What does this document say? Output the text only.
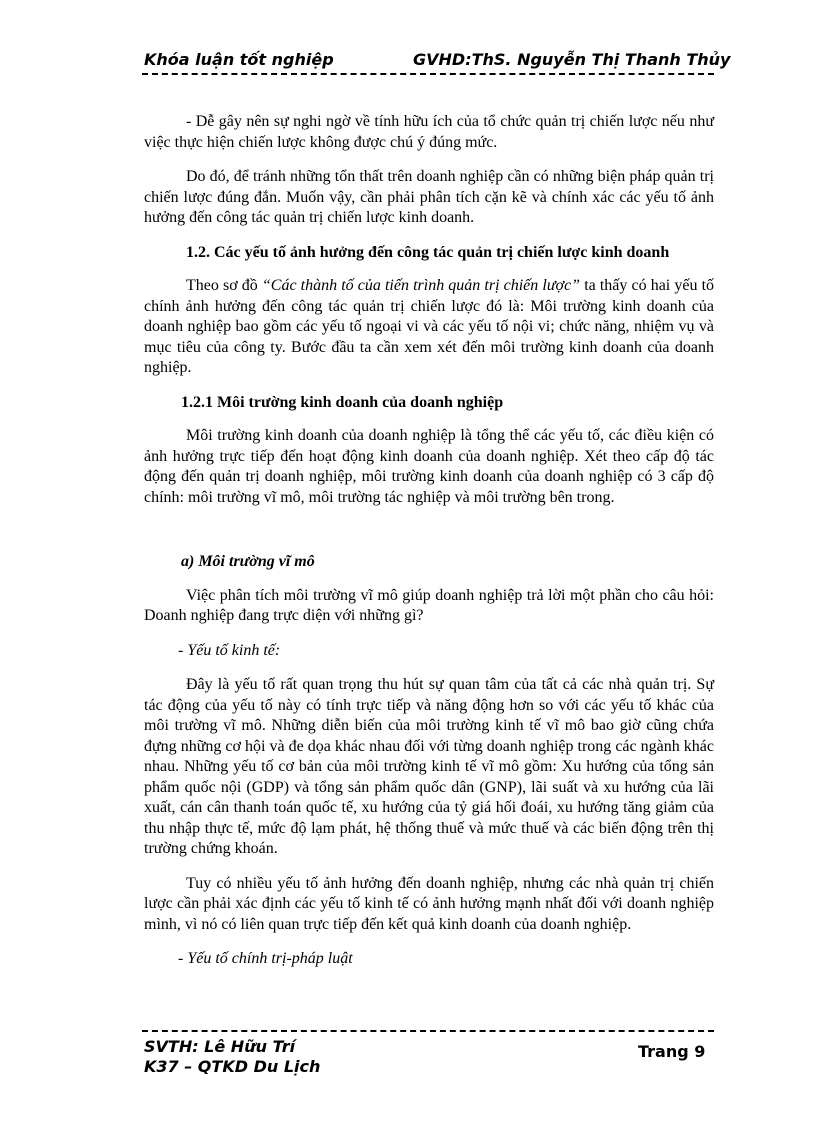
Khóa luận tốt nghiệp	GVHD:ThS. Nguyễn Thị Thanh Thủy

- Dễ gây nên sự nghi ngờ về tính hữu ích của tổ chức quản trị chiến lược nếu như việc thực hiện chiến lược không được chú ý đúng mức.

Do đó, để tránh những tổn thất trên doanh nghiệp cần có những biện pháp quản trị chiến lược đúng đắn. Muốn vậy, cần phải phân tích cặn kẽ và chính xác các yếu tố ảnh hưởng đến công tác quản trị chiến lược kinh doanh.

1.2. Các yếu tố ảnh hưởng đến công tác quản trị chiến lược kinh doanh

Theo sơ đồ “Các thành tố của tiến trình quản trị chiến lược” ta thấy có hai yếu tố chính ảnh hưởng đến công tác quản trị chiến lược đó là: Môi trường kinh doanh của doanh nghiệp bao gồm các yếu tố ngoại vi và các yếu tố nội vi; chức năng, nhiệm vụ và mục tiêu của công ty. Bước đầu ta cần xem xét đến môi trường kinh doanh của doanh nghiệp.

1.2.1 Môi trường kinh doanh của doanh nghiệp

Môi trường kinh doanh của doanh nghiệp là tổng thể các yếu tố, các điều kiện có ảnh hưởng trực tiếp đến hoạt động kinh doanh của doanh nghiệp. Xét theo cấp độ tác động đến quản trị doanh nghiệp, môi trường kinh doanh của doanh nghiệp có 3 cấp độ chính: môi trường vĩ mô, môi trường tác nghiệp và môi trường bên trong.

a) Môi trường vĩ mô

Việc phân tích môi trường vĩ mô giúp doanh nghiệp trả lời một phần cho câu hỏi: Doanh nghiệp đang trực diện với những gì?

- Yếu tố kinh tế:

Đây là yếu tố rất quan trọng thu hút sự quan tâm của tất cả các nhà quản trị. Sự tác động của yếu tố này có tính trực tiếp và năng động hơn so với các yếu tố khác của môi trường vĩ mô. Những diễn biến của môi trường kinh tế vĩ mô bao giờ cũng chứa đựng những cơ hội và đe dọa khác nhau đối với từng doanh nghiệp trong các ngành khác nhau. Những yếu tố cơ bản của môi trường kinh tế vĩ mô gồm: Xu hướng của tổng sản phẩm quốc nội (GDP) và tổng sản phẩm quốc dân (GNP), lãi suất và xu hướng của lãi xuất, cán cân thanh toán quốc tế, xu hướng của tỷ giá hối đoái, xu hướng tăng giảm của thu nhập thực tế, mức độ lạm phát, hệ thống thuế và mức thuế và các biến động trên thị trường chứng khoán.

Tuy có nhiều yếu tố ảnh hưởng đến doanh nghiệp, nhưng các nhà quản trị chiến lược cần phải xác định các yếu tố kinh tế có ảnh hưởng mạnh nhất đối với doanh nghiệp mình, vì nó có liên quan trực tiếp đến kết quả kinh doanh của doanh nghiệp.

- Yếu tố chính trị-pháp luật

SVTH: Lê Hữu Trí
K37 – QTKD Du Lịch
Trang 9
